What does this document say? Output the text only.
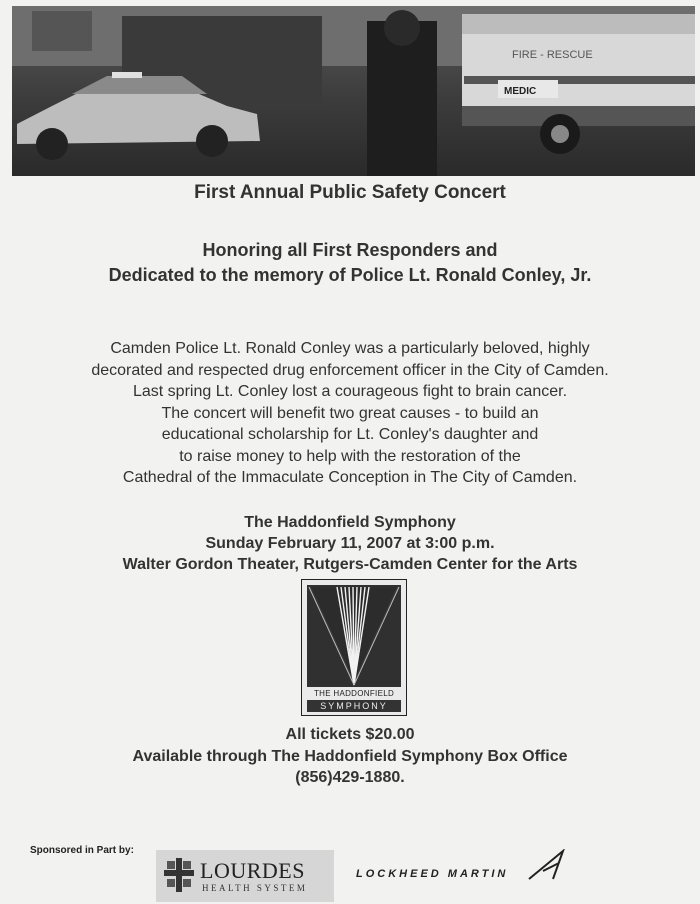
FIRE - RESCUE
MEDIC
First Annual Public Safety Concert
Honoring all First Responders and
Dedicated to the memory of Police Lt. Ronald Conley, Jr.
Camden Police Lt. Ronald Conley was a particularly beloved, highly
decorated and respected drug enforcement officer in the City of Camden.
Last spring Lt. Conley lost a courageous fight to brain cancer.
The concert will benefit two great causes - to build an
educational scholarship for Lt. Conley's daughter and
to raise money to help with the restoration of the
Cathedral of the Immaculate Conception in The City of Camden.
The Haddonfield Symphony
Sunday February 11, 2007 at 3:00 p.m.
Walter Gordon Theater, Rutgers-Camden Center for the Arts
THE HADDONFIELD
SYMPHONY
All tickets $20.00
Available through The Haddonfield Symphony Box Office
(856)429-1880.
Sponsored in Part by:
LOURDES
HEALTH SYSTEM
LOCKHEED MARTIN
